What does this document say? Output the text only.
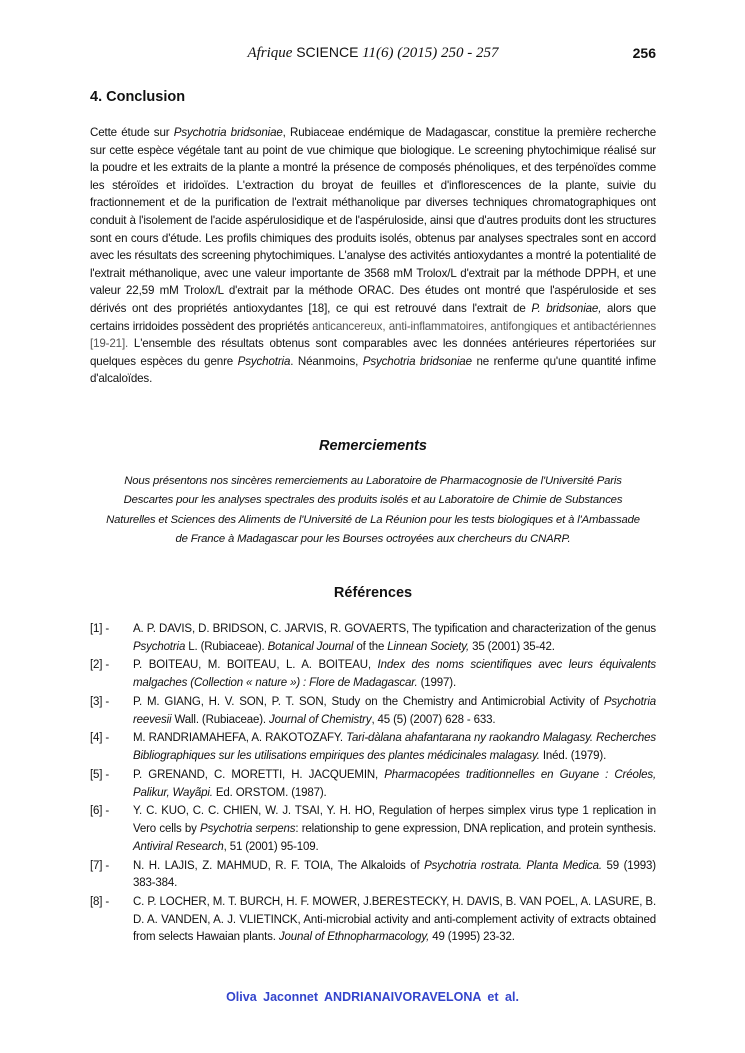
Afrique SCIENCE 11(6) (2015) 250 - 257	256
4. Conclusion
Cette étude sur Psychotria bridsoniae, Rubiaceae endémique de Madagascar, constitue la première recherche sur cette espèce végétale tant au point de vue chimique que biologique. Le screening phytochimique réalisé sur la poudre et les extraits de la plante a montré la présence de composés phénoliques, et des terpénoïdes comme les stéroïdes et iridoïdes. L'extraction du broyat de feuilles et d'inflorescences de la plante, suivie du fractionnement et de la purification de l'extrait méthanolique par diverses techniques chromatographiques ont conduit à l'isolement de l'acide aspérulosidique et de l'aspéruloside, ainsi que d'autres produits dont les structures sont en cours d'étude. Les profils chimiques des produits isolés, obtenus par analyses spectrales sont en accord avec les résultats des screening phytochimiques. L'analyse des activités antioxydantes a montré la potentialité de l'extrait méthanolique, avec une valeur importante de 3568 mM Trolox/L d'extrait par la méthode DPPH, et une valeur 22,59 mM Trolox/L d'extrait par la méthode ORAC. Des études ont montré que l'aspéruloside et ses dérivés ont des propriétés antioxydantes [18], ce qui est retrouvé dans l'extrait de P. bridsoniae, alors que certains irridoides possèdent des propriétés anticancereux, anti-inflammatoires, antifongiques et antibactériennes [19-21]. L'ensemble des résultats obtenus sont comparables avec les données antérieures répertoriées sur quelques espèces du genre Psychotria. Néanmoins, Psychotria bridsoniae ne renferme qu'une quantité infime d'alcaloïdes.
Remerciements
Nous présentons nos sincères remerciements au Laboratoire de Pharmacognosie de l'Université Paris Descartes pour les analyses spectrales des produits isolés et au Laboratoire de Chimie de Substances Naturelles et Sciences des Aliments de l'Université de La Réunion pour les tests biologiques et à l'Ambassade de France à Madagascar pour les Bourses octroyées aux chercheurs du CNARP.
Références
[1] -	A. P. DAVIS, D. BRIDSON, C. JARVIS, R. GOVAERTS, The typification and characterization of the genus Psychotria L. (Rubiaceae). Botanical Journal of the Linnean Society, 35 (2001) 35-42.
[2] -	P. BOITEAU, M. BOITEAU, L. A. BOITEAU, Index des noms scientifiques avec leurs équivalents malgaches (Collection « nature ») : Flore de Madagascar. (1997).
[3] -	P. M. GIANG, H. V. SON, P. T. SON, Study on the Chemistry and Antimicrobial Activity of Psychotria reevesii Wall. (Rubiaceae). Journal of Chemistry, 45 (5) (2007) 628 - 633.
[4] -	M. RANDRIAMAHEFA, A. RAKOTOZAFY. Tari-dàlana ahafantarana ny raokandro Malagasy. Recherches Bibliographiques sur les utilisations empiriques des plantes médicinales malagasy. Inéd. (1979).
[5] -	P. GRENAND, C. MORETTI, H. JACQUEMIN, Pharmacopées traditionnelles en Guyane : Créoles, Palikur, Wayãpi. Ed. ORSTOM. (1987).
[6] -	Y. C. KUO, C. C. CHIEN, W. J. TSAI, Y. H. HO, Regulation of herpes simplex virus type 1 replication in Vero cells by Psychotria serpens: relationship to gene expression, DNA replication, and protein synthesis. Antiviral Research, 51 (2001) 95-109.
[7] -	N. H. LAJIS, Z. MAHMUD, R. F. TOIA, The Alkaloids of Psychotria rostrata. Planta Medica. 59 (1993) 383-384.
[8] -	C. P. LOCHER, M. T. BURCH, H. F. MOWER, J.BERESTECKY, H. DAVIS, B. VAN POEL, A. LASURE, B. D. A. VANDEN, A. J. VLIETINCK, Anti-microbial activity and anti-complement activity of extracts obtained from selects Hawaian plants. Jounal of Ethnopharmacology, 49 (1995) 23-32.
Oliva Jaconnet ANDRIANAIVORAVELONA et al.
